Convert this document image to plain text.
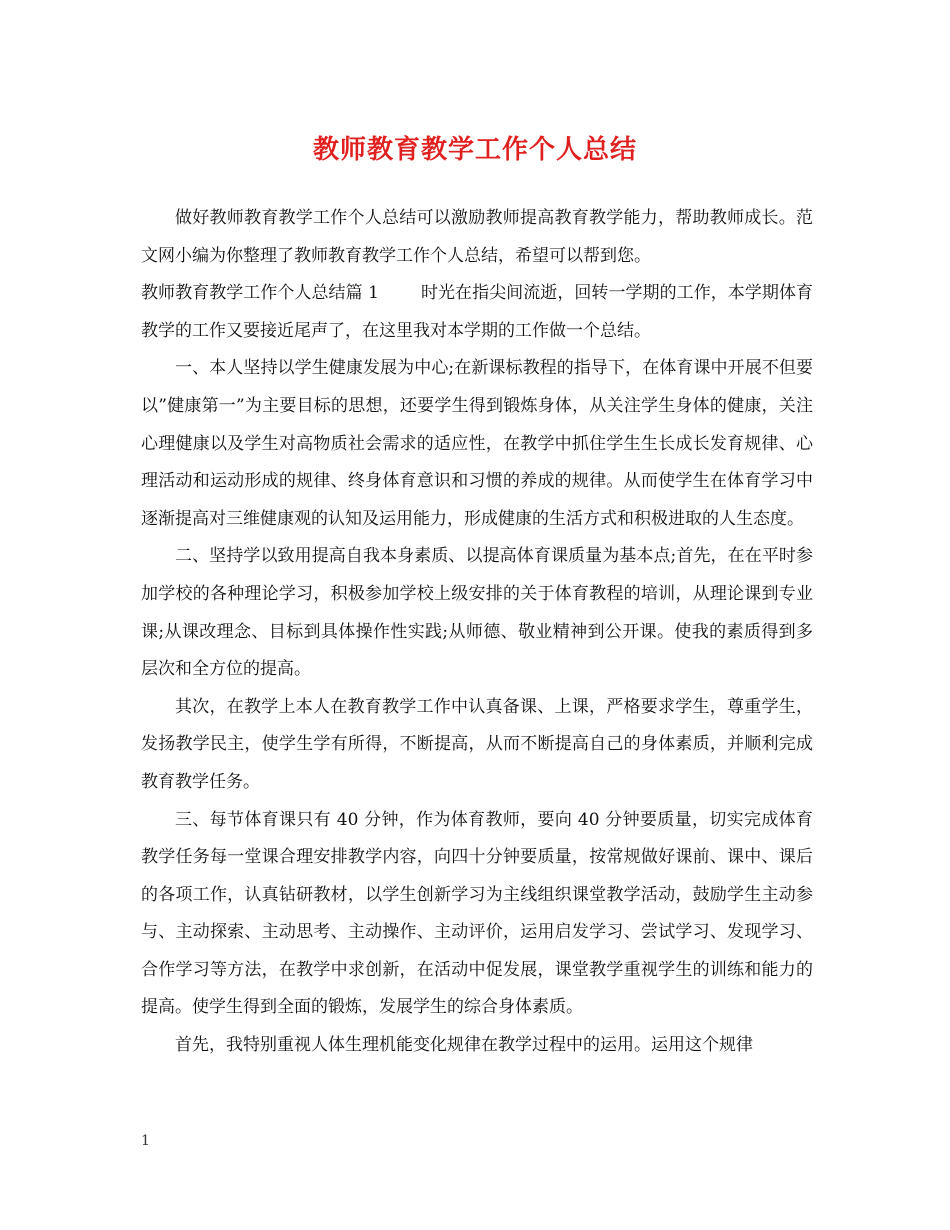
教师教育教学工作个人总结

做好教师教育教学工作个人总结可以激励教师提高教育教学能力，帮助教师成长。范文网小编为你整理了教师教育教学工作个人总结，希望可以帮到您。

教师教育教学工作个人总结篇 1 时光在指尖间流逝，回转一学期的工作，本学期体育教学的工作又要接近尾声了，在这里我对本学期的工作做一个总结。

一、本人坚持以学生健康发展为中心;在新课标教程的指导下，在体育课中开展不但要以”健康第一”为主要目标的思想，还要学生得到锻炼身体，从关注学生身体的健康，关注心理健康以及学生对高物质社会需求的适应性，在教学中抓住学生生长成长发育规律、心理活动和运动形成的规律、终身体育意识和习惯的养成的规律。从而使学生在体育学习中逐渐提高对三维健康观的认知及运用能力，形成健康的生活方式和积极进取的人生态度。

二、坚持学以致用提高自我本身素质、以提高体育课质量为基本点;首先，在在平时参加学校的各种理论学习，积极参加学校上级安排的关于体育教程的培训，从理论课到专业课;从课改理念、目标到具体操作性实践;从师德、敬业精神到公开课。使我的素质得到多层次和全方位的提高。

其次，在教学上本人在教育教学工作中认真备课、上课，严格要求学生，尊重学生，发扬教学民主，使学生学有所得，不断提高，从而不断提高自己的身体素质，并顺利完成教育教学任务。

三、每节体育课只有 40 分钟，作为体育教师，要向 40 分钟要质量，切实完成体育教学任务每一堂课合理安排教学内容，向四十分钟要质量，按常规做好课前、课中、课后的各项工作，认真钻研教材，以学生创新学习为主线组织课堂教学活动，鼓励学生主动参与、主动探索、主动思考、主动操作、主动评价，运用启发学习、尝试学习、发现学习、合作学习等方法，在教学中求创新，在活动中促发展，课堂教学重视学生的训练和能力的提高。使学生得到全面的锻炼，发展学生的综合身体素质。

首先，我特别重视人体生理机能变化规律在教学过程中的运用。运用这个规律

1
